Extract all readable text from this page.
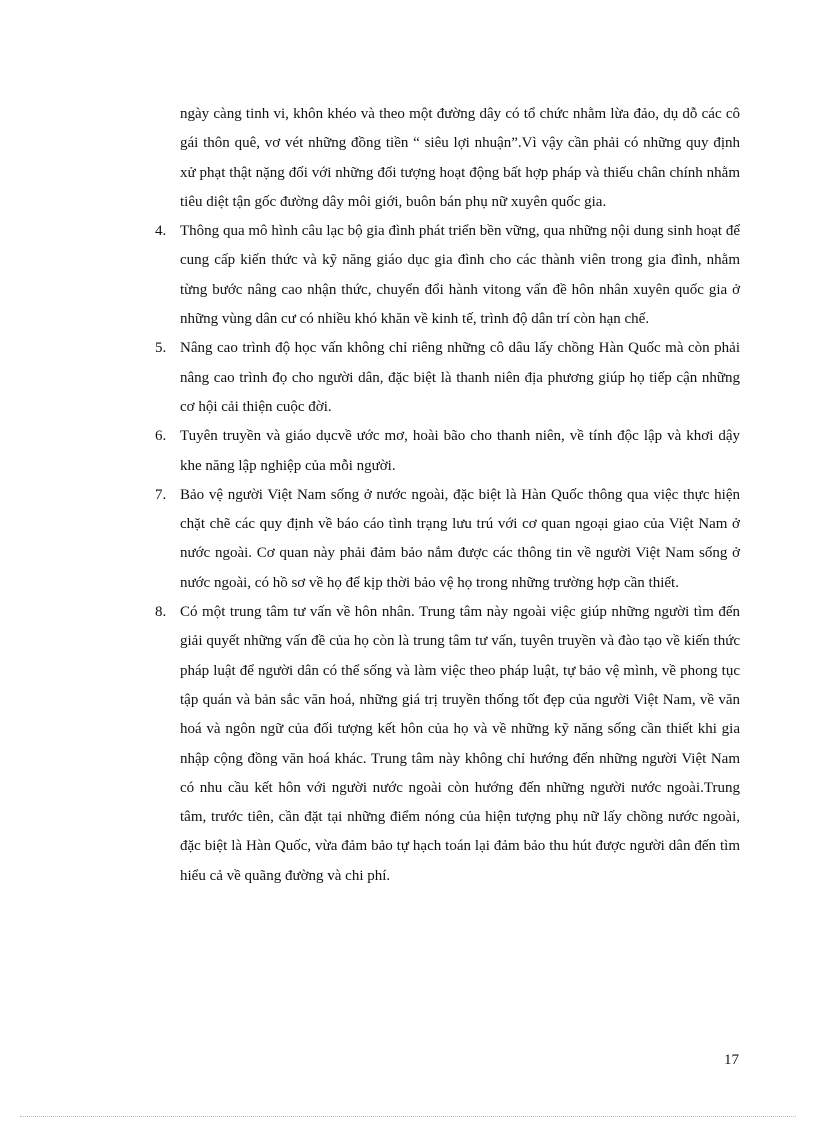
ngày càng tinh vi, khôn khéo và theo một đường dây có tổ chức nhằm lừa đảo, dụ dỗ các cô gái thôn quê, vơ vét những đồng tiền “ siêu lợi nhuận”.Vì vậy cần phải có những quy định xử phạt thật nặng đối với những đối tượng hoạt động bất hợp pháp và thiếu chân chính nhằm tiêu diệt tận gốc đường dây môi giới, buôn bán phụ nữ xuyên quốc gia.

4. Thông qua mô hình câu lạc bộ gia đình phát triển bền vững, qua những nội dung sinh hoạt để cung cấp kiến thức và kỹ năng giáo dục gia đình cho các thành viên trong gia đình, nhằm từng bước nâng cao nhận thức, chuyển đổi hành vitong vấn đề hôn nhân xuyên quốc gia ở những vùng dân cư có nhiều khó khăn về kinh tế, trình độ dân trí còn hạn chế.

5. Nâng cao trình độ học vấn không chỉ riêng những cô dâu lấy chồng Hàn Quốc mà còn phải nâng cao trình đọ cho người dân, đặc biệt là thanh niên địa phương giúp họ tiếp cận những cơ hội cải thiện cuộc đời.

6. Tuyên truyền và giáo dụcvề ước mơ, hoài bão cho thanh niên, về tính độc lập và khơi dậy khe năng lập nghiệp của mỗi người.

7. Bảo vệ người Việt Nam sống ở nước ngoài, đặc biệt là Hàn Quốc thông qua việc thực hiện chặt chẽ các quy định về báo cáo tình trạng lưu trú với cơ quan ngoại giao của Việt Nam ở nước ngoài. Cơ quan này phải đảm bảo nắm được các thông tin về người Việt Nam sống ở nước ngoài, có hồ sơ về họ để kịp thời bảo vệ họ trong những trường hợp cần thiết.

8. Có một trung tâm tư vấn về hôn nhân. Trung tâm này ngoài việc giúp những người tìm đến giải quyết những vấn đề của họ còn là trung tâm tư vấn, tuyên truyền và đào tạo về kiến thức pháp luật để người dân có thể sống và làm việc theo pháp luật, tự bảo vệ mình, về phong tục tập quán và bản sắc văn hoá, những giá trị truyền thống tốt đẹp của người Việt Nam, về văn hoá và ngôn ngữ của đối tượng kết hôn của họ và về những kỹ năng sống cần thiết khi gia nhập cộng đồng văn hoá khác. Trung tâm này không chỉ hướng đến những người Việt Nam có nhu cầu kết hôn với người nước ngoài còn hướng đến những người nước ngoài.Trung tâm, trước tiên, cần đặt tại những điểm nóng của hiện tượng phụ nữ lấy chồng nước ngoài, đặc biệt là Hàn Quốc, vừa đảm bảo tự hạch toán lại đảm bảo thu hút được người dân đến tìm hiểu cả về quãng đường và chi phí.

17
